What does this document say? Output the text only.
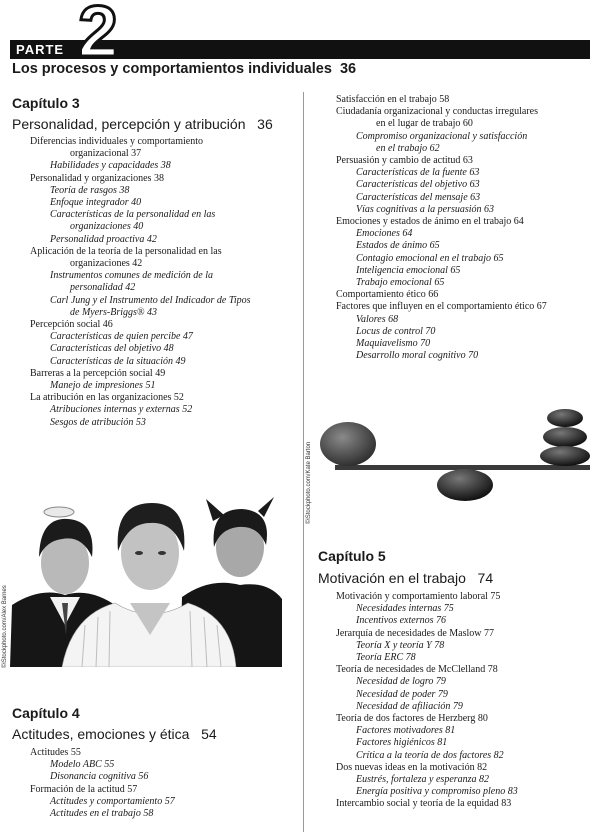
2
PARTE
Los procesos y comportamientos individuales 36
Capítulo 3
Personalidad, percepción y atribución 36
Diferencias individuales y comportamiento
organizacional 37
Habilidades y capacidades 38
Personalidad y organizaciones 38
Teoría de rasgos 38
Enfoque integrador 40
Características de la personalidad en las
organizaciones 40
Personalidad proactiva 42
Aplicación de la teoría de la personalidad en las
organizaciones 42
Instrumentos comunes de medición de la
personalidad 42
Carl Jung y el Instrumento del Indicador de Tipos
de Myers-Briggs® 43
Percepción social 46
Características de quien percibe 47
Características del objetivo 48
Características de la situación 49
Barreras a la percepción social 49
Manejo de impresiones 51
La atribución en las organizaciones 52
Atribuciones internas y externas 52
Sesgos de atribución 53
Satisfacción en el trabajo 58
Ciudadanía organizacional y conductas irregulares
en el lugar de trabajo 60
Compromiso organizacional y satisfacción
en el trabajo 62
Persuasión y cambio de actitud 63
Características de la fuente 63
Características del objetivo 63
Características del mensaje 63
Vías cognitivas a la persuasión 63
Emociones y estados de ánimo en el trabajo 64
Emociones 64
Estados de ánimo 65
Contagio emocional en el trabajo 65
Inteligencia emocional 65
Trabajo emocional 65
Comportamiento ético 66
Factores que influyen en el comportamiento ético 67
Valores 68
Locus de control 70
Maquiavelismo 70
Desarrollo moral cognitivo 70
©iStockphoto.com/Kate Barton
©iStockphoto.com/Alex Barnes
Capítulo 4
Actitudes, emociones y ética 54
Actitudes 55
Modelo ABC 55
Disonancia cognitiva 56
Formación de la actitud 57
Actitudes y comportamiento 57
Actitudes en el trabajo 58
Capítulo 5
Motivación en el trabajo 74
Motivación y comportamiento laboral 75
Necesidades internas 75
Incentivos externos 76
Jerarquía de necesidades de Maslow 77
Teoría X y teoría Y 78
Teoría ERC 78
Teoría de necesidades de McClelland 78
Necesidad de logro 79
Necesidad de poder 79
Necesidad de afiliación 79
Teoría de dos factores de Herzberg 80
Factores motivadores 81
Factores higiénicos 81
Crítica a la teoría de dos factores 82
Dos nuevas ideas en la motivación 82
Eustrés, fortaleza y esperanza 82
Energía positiva y compromiso pleno 83
Intercambio social y teoría de la equidad 83
